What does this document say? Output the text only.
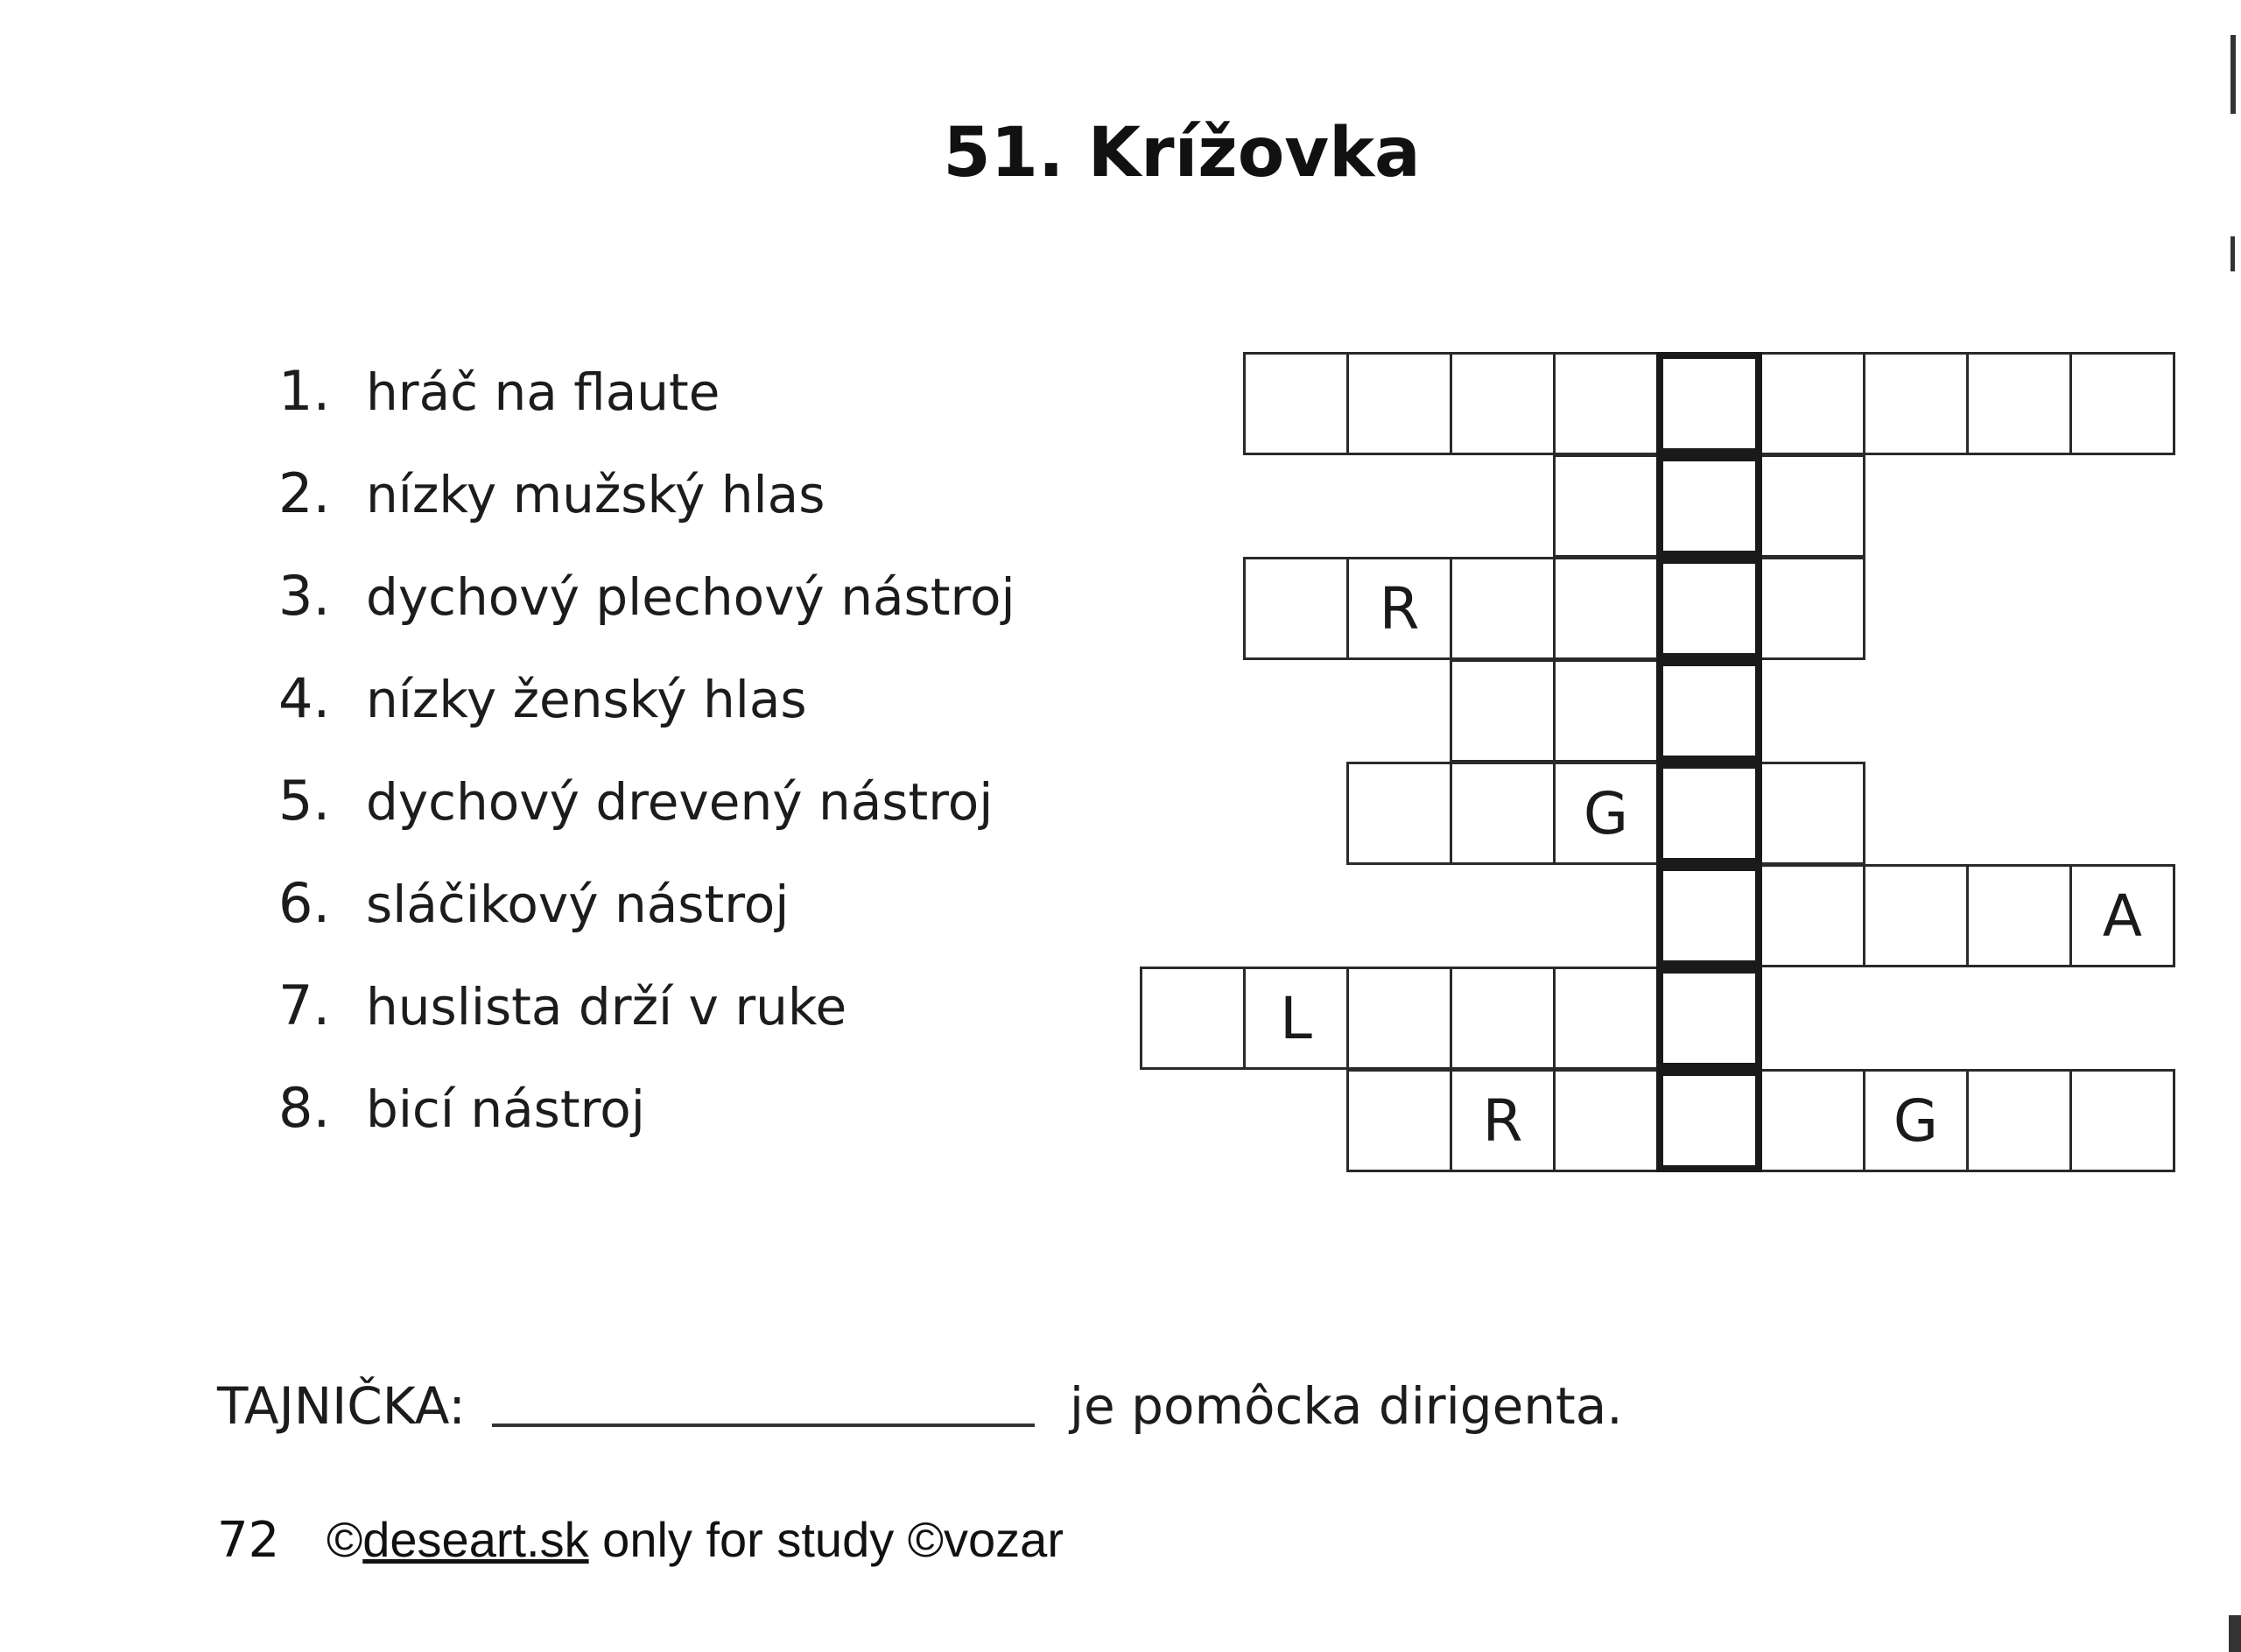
51. Krížovka
1. hráč na flaute
2. nízky mužský hlas
3. dychový plechový nástroj
4. nízky ženský hlas
5. dychový drevený nástroj
6. sláčikový nástroj
7. huslista drží v ruke
8. bicí nástroj
R
G
A
L
R	G
TAJNIČKA:	je pomôcka dirigenta.
72 ©deseart.sk only for study ©vozar
